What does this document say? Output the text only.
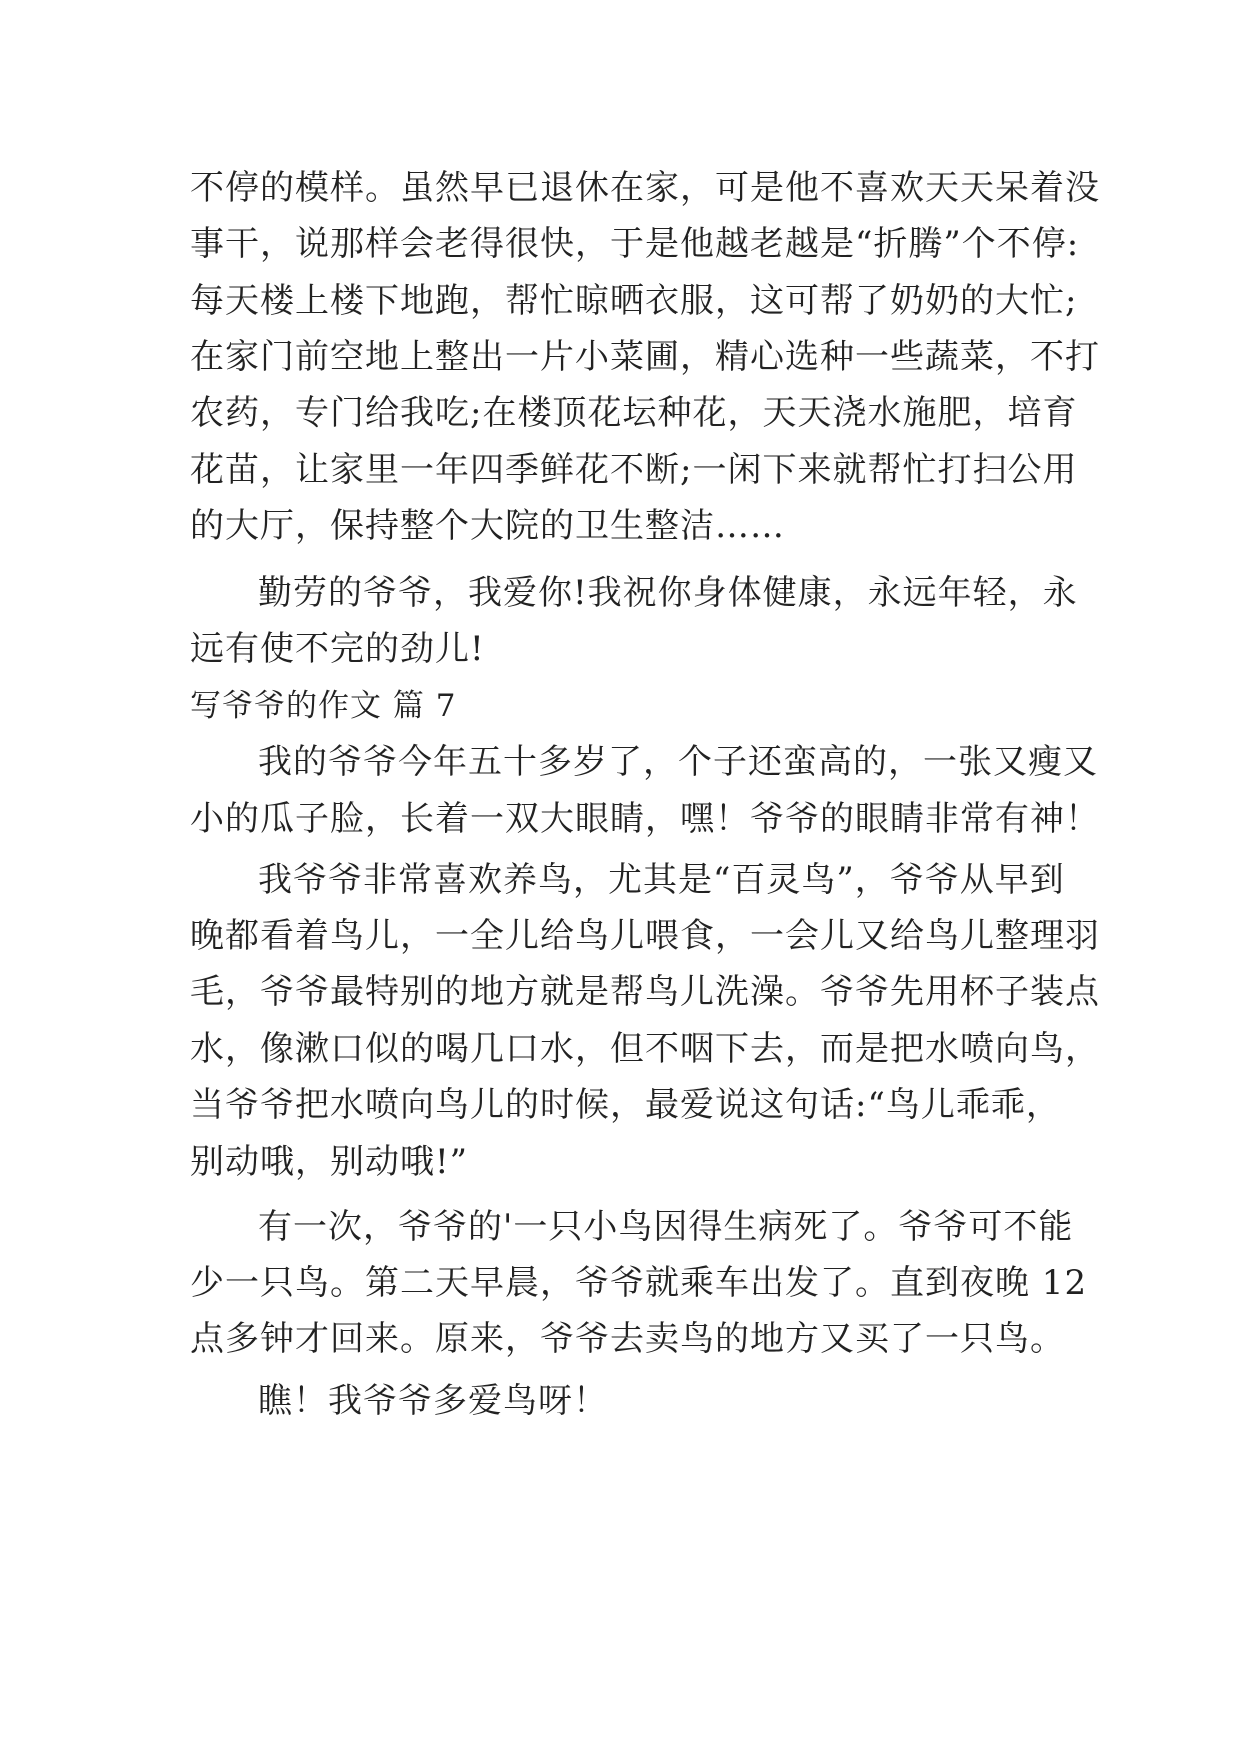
不停的模样。虽然早已退休在家，可是他不喜欢天天呆着没
事干，说那样会老得很快，于是他越老越是“折腾”个不停:
每天楼上楼下地跑，帮忙晾晒衣服，这可帮了奶奶的大忙;
在家门前空地上整出一片小菜圃，精心选种一些蔬菜，不打
农药，专门给我吃;在楼顶花坛种花，天天浇水施肥，培育
花苗，让家里一年四季鲜花不断;一闲下来就帮忙打扫公用
的大厅，保持整个大院的卫生整洁……
勤劳的爷爷，我爱你!我祝你身体健康，永远年轻，永
远有使不完的劲儿!
写爷爷的作文 篇 7
我的爷爷今年五十多岁了，个子还蛮高的，一张又瘦又
小的瓜子脸，长着一双大眼睛，嘿！爷爷的眼睛非常有神！
我爷爷非常喜欢养鸟，尤其是“百灵鸟”，爷爷从早到
晚都看着鸟儿，一全儿给鸟儿喂食，一会儿又给鸟儿整理羽
毛，爷爷最特别的地方就是帮鸟儿洗澡。爷爷先用杯子装点
水，像漱口似的喝几口水，但不咽下去，而是把水喷向鸟，
当爷爷把水喷向鸟儿的时候，最爱说这句话:“鸟儿乖乖，
别动哦，别动哦!”
有一次，爷爷的'一只小鸟因得生病死了。爷爷可不能
少一只鸟。第二天早晨，爷爷就乘车出发了。直到夜晚 12
点多钟才回来。原来，爷爷去卖鸟的地方又买了一只鸟。
瞧！我爷爷多爱鸟呀！
